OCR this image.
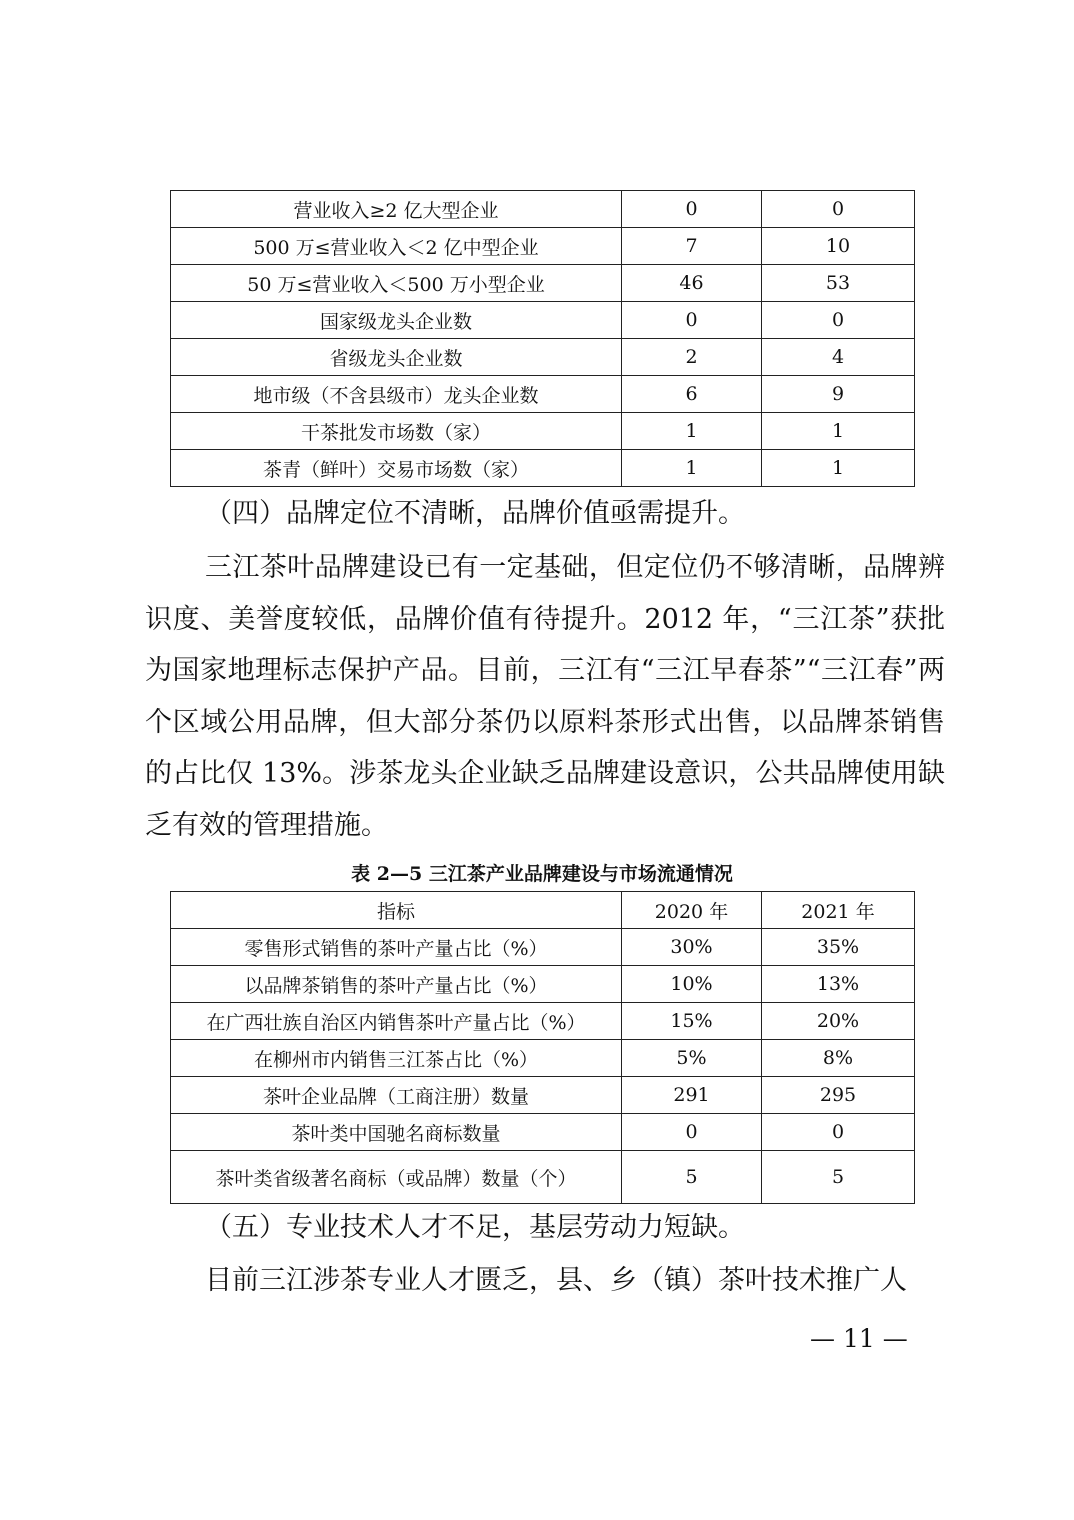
营业收入≥2 亿大型企业	0	0
500 万≤营业收入＜2 亿中型企业	7	10
50 万≤营业收入＜500 万小型企业	46	53
国家级龙头企业数	0	0
省级龙头企业数	2	4
地市级（不含县级市）龙头企业数	6	9
干茶批发市场数（家）	1	1
茶青（鲜叶）交易市场数（家）	1	1

（四）品牌定位不清晰，品牌价值亟需提升。

三江茶叶品牌建设已有一定基础，但定位仍不够清晰，品牌辨识度、美誉度较低，品牌价值有待提升。2012 年，“三江茶”获批为国家地理标志保护产品。目前，三江有“三江早春茶”“三江春”两个区域公用品牌，但大部分茶仍以原料茶形式出售，以品牌茶销售的占比仅 13%。涉茶龙头企业缺乏品牌建设意识，公共品牌使用缺乏有效的管理措施。

表 2—5 三江茶产业品牌建设与市场流通情况

指标	2020 年	2021 年
零售形式销售的茶叶产量占比（%）	30%	35%
以品牌茶销售的茶叶产量占比（%）	10%	13%
在广西壮族自治区内销售茶叶产量占比（%）	15%	20%
在柳州市内销售三江茶占比（%）	5%	8%
茶叶企业品牌（工商注册）数量	291	295
茶叶类中国驰名商标数量	0	0
茶叶类省级著名商标（或品牌）数量（个）	5	5

（五）专业技术人才不足，基层劳动力短缺。

目前三江涉茶专业人才匮乏，县、乡（镇）茶叶技术推广人

— 11 —
